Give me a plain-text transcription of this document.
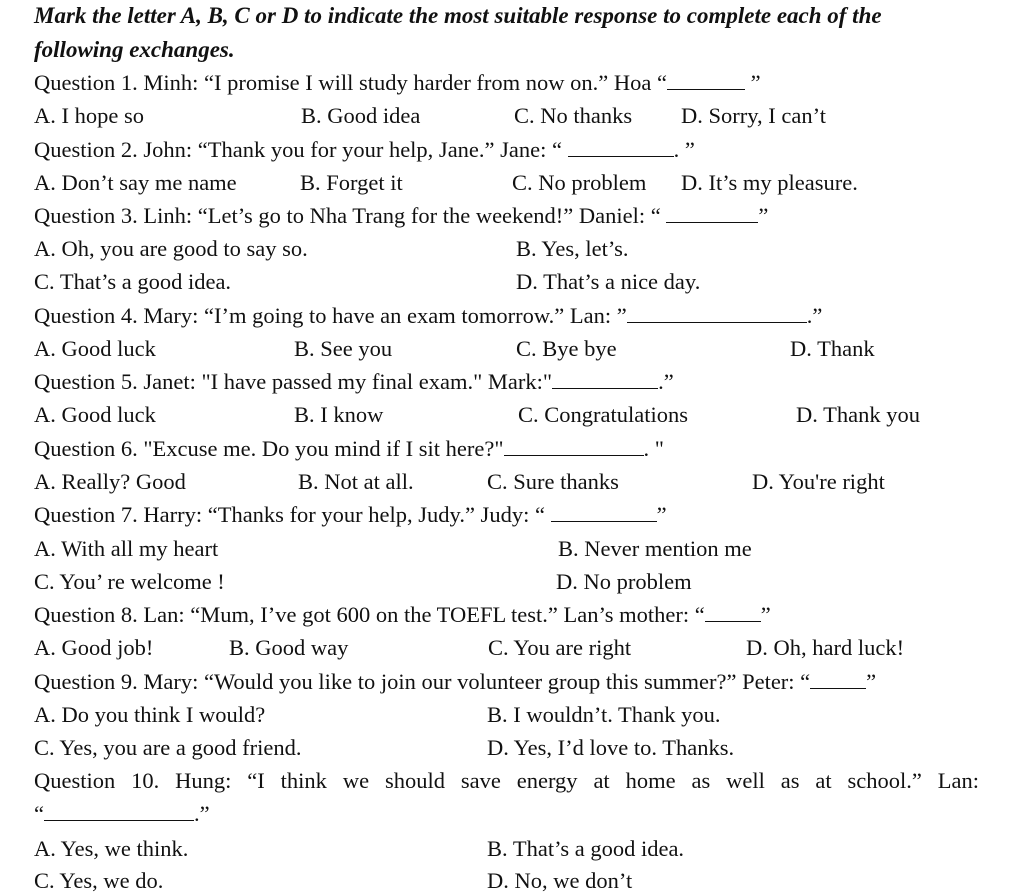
Mark the letter A, B, C or D to indicate the most suitable response to complete each of the
following exchanges.
Question 1. Minh: “I promise I will study harder from now on.” Hoa “	”
A. I hope so	B. Good idea	C. No thanks D. Sorry, I can’t
Question 2. John: “Thank you for your help, Jane.” Jane: “	. ”
A. Don’t say me name	B. Forget it	C. No problem D. It’s my pleasure.
Question 3. Linh: “Let’s go to Nha Trang for the weekend!” Daniel: “	”
A. Oh, you are good to say so.	B. Yes, let’s.
C. That’s a good idea.	D. That’s a nice day.
Question 4. Mary: “I’m going to have an exam tomorrow.” Lan: ”	.”
A. Good luck	B. See you	C. Bye bye	D. Thank
Question 5. Janet: "I have passed my final exam." Mark:"	.”
A. Good luck	B. I know	C. Congratulations	D. Thank you
Question 6. "Excuse me. Do you mind if I sit here?"	. "
A. Really? Good	B. Not at all.	C. Sure thanks	D. You're right
Question 7. Harry: “Thanks for your help, Judy.” Judy: “	”
A. With all my heart	B. Never mention me
C. You’ re welcome !	D. No problem
Question 8. Lan: “Mum, I’ve got 600 on the TOEFL test.” Lan’s mother: “ ”
A. Good job!	B. Good way	C. You are right	D. Oh, hard luck!
Question 9. Mary: “Would you like to join our volunteer group this summer?” Peter: “ ”
A. Do you think I would?	B. I wouldn’t. Thank you.
C. Yes, you are a good friend.	D. Yes, I’d love to. Thanks.
Question 10. Hung: “I think we should save energy at home as well as at school.” Lan:
“	.”
A. Yes, we think.	B. That’s a good idea.
C. Yes, we do.	D. No, we don’t
